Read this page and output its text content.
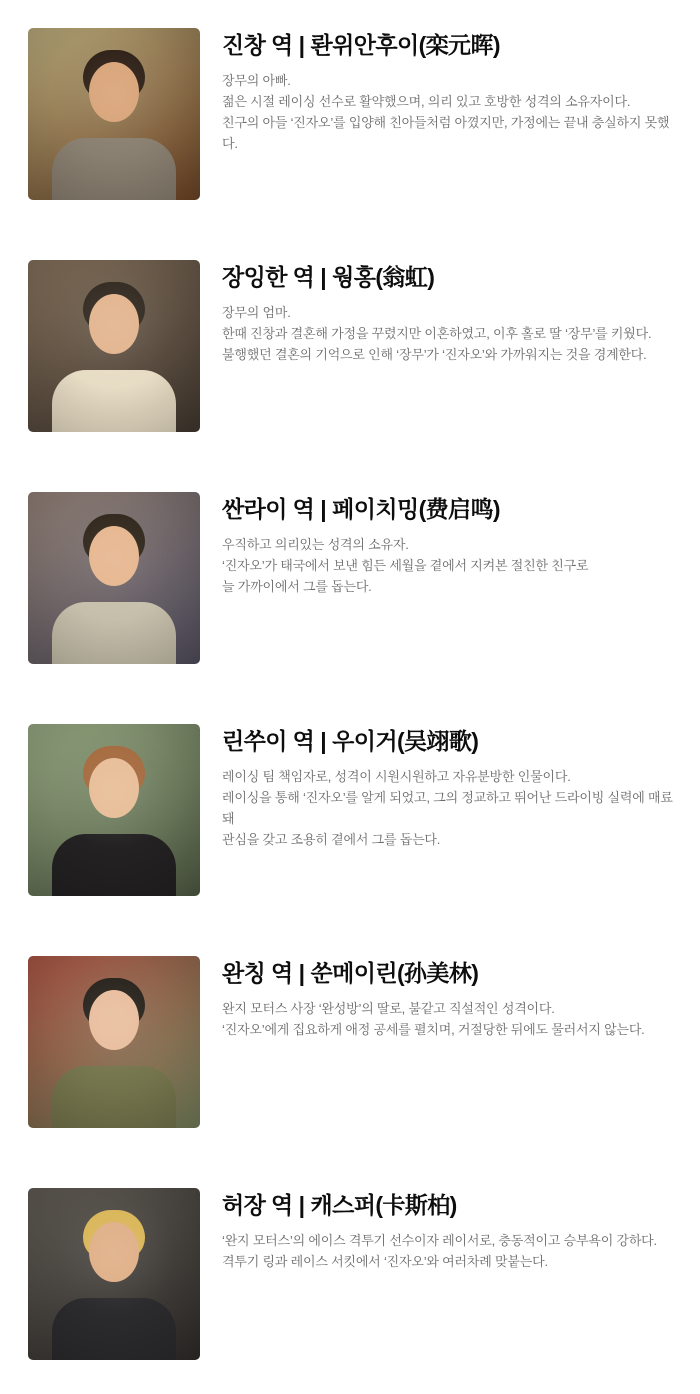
진창 역 | 롼위안후이(栾元晖)

장무의 아빠.

젊은 시절 레이싱 선수로 활약했으며, 의리 있고 호방한 성격의 소유자이다.

친구의 아들 ‘진자오’를 입양해 친아들처럼 아꼈지만, 가정에는 끝내 충실하지 못했다.

장잉한 역 | 웡홍(翁虹)

장무의 엄마.

한때 진창과 결혼해 가정을 꾸렸지만 이혼하였고, 이후 홀로 딸 ‘장무’를 키웠다.

불행했던 결혼의 기억으로 인해 ‘장무’가 ‘진자오’와 가까워지는 것을 경계한다.

싼라이 역 | 페이치밍(费启鸣)

우직하고 의리있는 성격의 소유자.

‘진자오’가 태국에서 보낸 힘든 세월을 곁에서 지켜본 절친한 친구로

늘 가까이에서 그를 돕는다.

린쑤이 역 | 우이거(吴翊歌)

레이싱 팀 책임자로, 성격이 시원시원하고 자유분방한 인물이다.

레이싱을 통해 ‘진자오’를 알게 되었고, 그의 정교하고 뛰어난 드라이빙 실력에 매료돼

관심을 갖고 조용히 곁에서 그를 돕는다.

완칭 역 | 쑨메이린(孙美林)

완지 모터스 사장 ‘완성방’의 딸로, 불같고 직설적인 성격이다.

‘진자오’에게 집요하게 애정 공세를 펼치며, 거절당한 뒤에도 물러서지 않는다.

허장 역 | 캐스퍼(卡斯柏)

‘완지 모터스’의 에이스 격투기 선수이자 레이서로, 충동적이고 승부욕이 강하다.

격투기 링과 레이스 서킷에서 ‘진자오’와 여러차례 맞붙는다.
